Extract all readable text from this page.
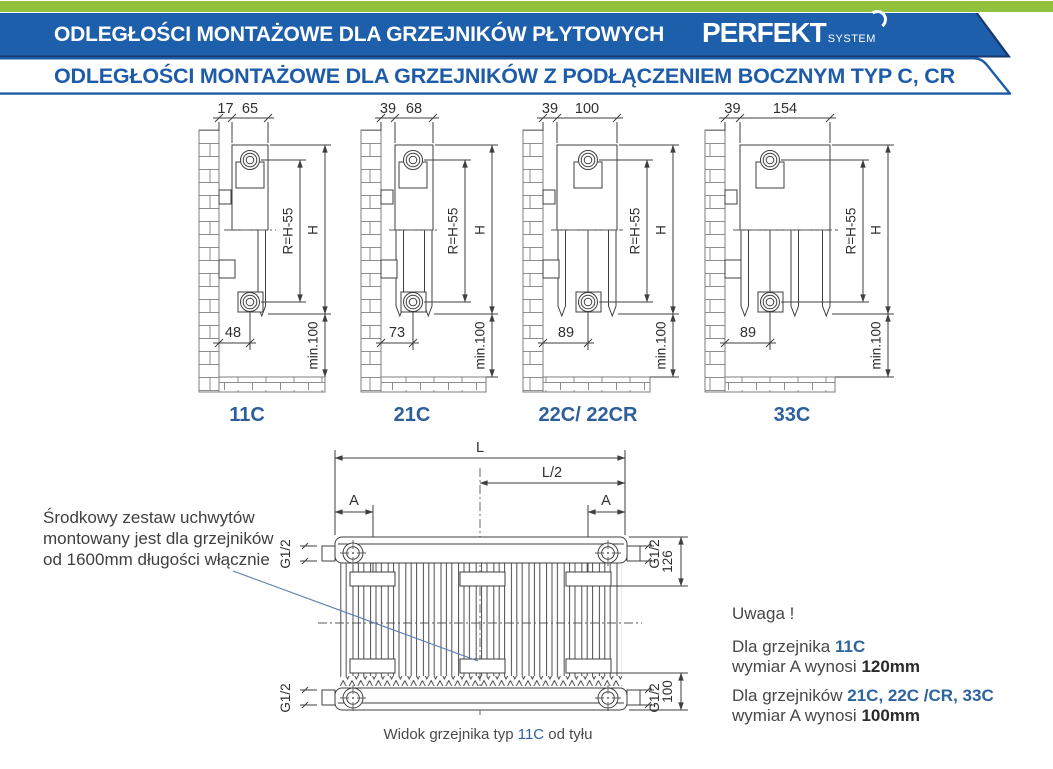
17 65
R=H-55 H
min.100
48
39 68
R=H-55 H
min.100
73
39 100
R=H-55 H
min.100
89
39 154
R=H-55 H
min.100
89
L
L/2
A	A
G1/2	G1/2
G1/2	G1/2
126
100
ODLEGŁOŚCI MONTAŻOWE DLA GRZEJNIKÓW PŁYTOWYCH	PERFEKT SYSTEM
ODLEGŁOŚCI MONTAŻOWE DLA GRZEJNIKÓW Z PODŁĄCZENIEM BOCZNYM TYP C, CR
11C	21C	22C/ 22CR	33C
Środkowy zestaw uchwytów
montowany jest dla grzejników
od 1600mm długości włącznie

Uwaga !

Dla grzejnika 11C

wymiar A wynosi 120mm

Dla grzejników 21C, 22C /CR, 33C

wymiar A wynosi 100mm

Widok grzejnika typ 11C od tyłu
